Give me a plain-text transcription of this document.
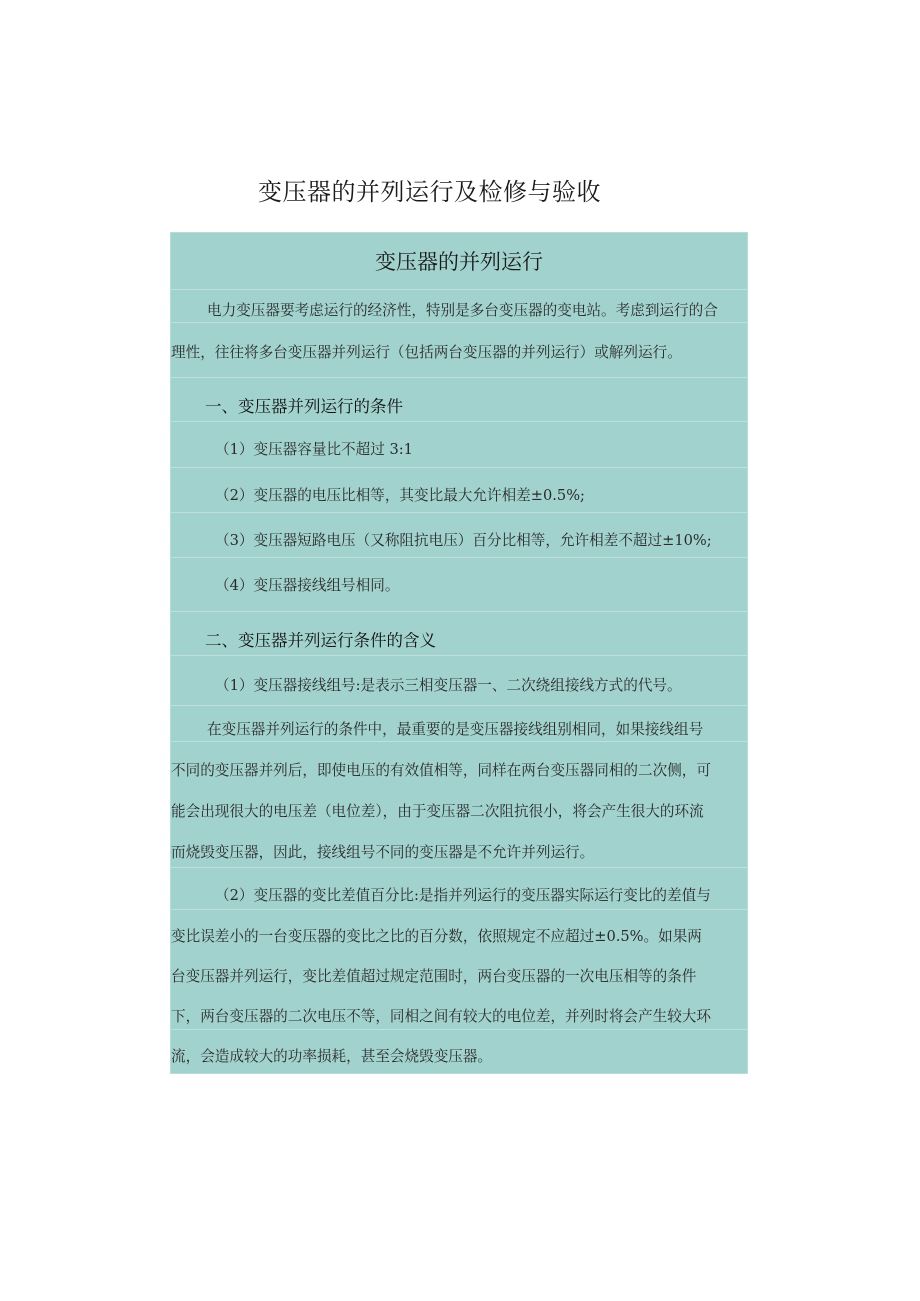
变压器的并列运行及检修与验收
变压器的并列运行
电力变压器要考虑运行的经济性，特别是多台变压器的变电站。考虑到运行的合
理性，往往将多台变压器并列运行（包括两台变压器的并列运行）或解列运行。
一、变压器并列运行的条件
（1）变压器容量比不超过 3:1
（2）变压器的电压比相等，其变比最大允许相差±0.5%;
（3）变压器短路电压（又称阻抗电压）百分比相等，允许相差不超过±10%;
（4）变压器接线组号相同。
二、变压器并列运行条件的含义
（1）变压器接线组号:是表示三相变压器一、二次绕组接线方式的代号。
在变压器并列运行的条件中，最重要的是变压器接线组别相同，如果接线组号
不同的变压器并列后，即使电压的有效值相等，同样在两台变压器同相的二次侧，可
能会出现很大的电压差（电位差），由于变压器二次阻抗很小，将会产生很大的环流
而烧毁变压器，因此，接线组号不同的变压器是不允许并列运行。
（2）变压器的变比差值百分比:是指并列运行的变压器实际运行变比的差值与
变比误差小的一台变压器的变比之比的百分数，依照规定不应超过±0.5%。如果两
台变压器并列运行，变比差值超过规定范围时，两台变压器的一次电压相等的条件
下，两台变压器的二次电压不等，同相之间有较大的电位差，并列时将会产生较大环
流，会造成较大的功率损耗，甚至会烧毁变压器。
